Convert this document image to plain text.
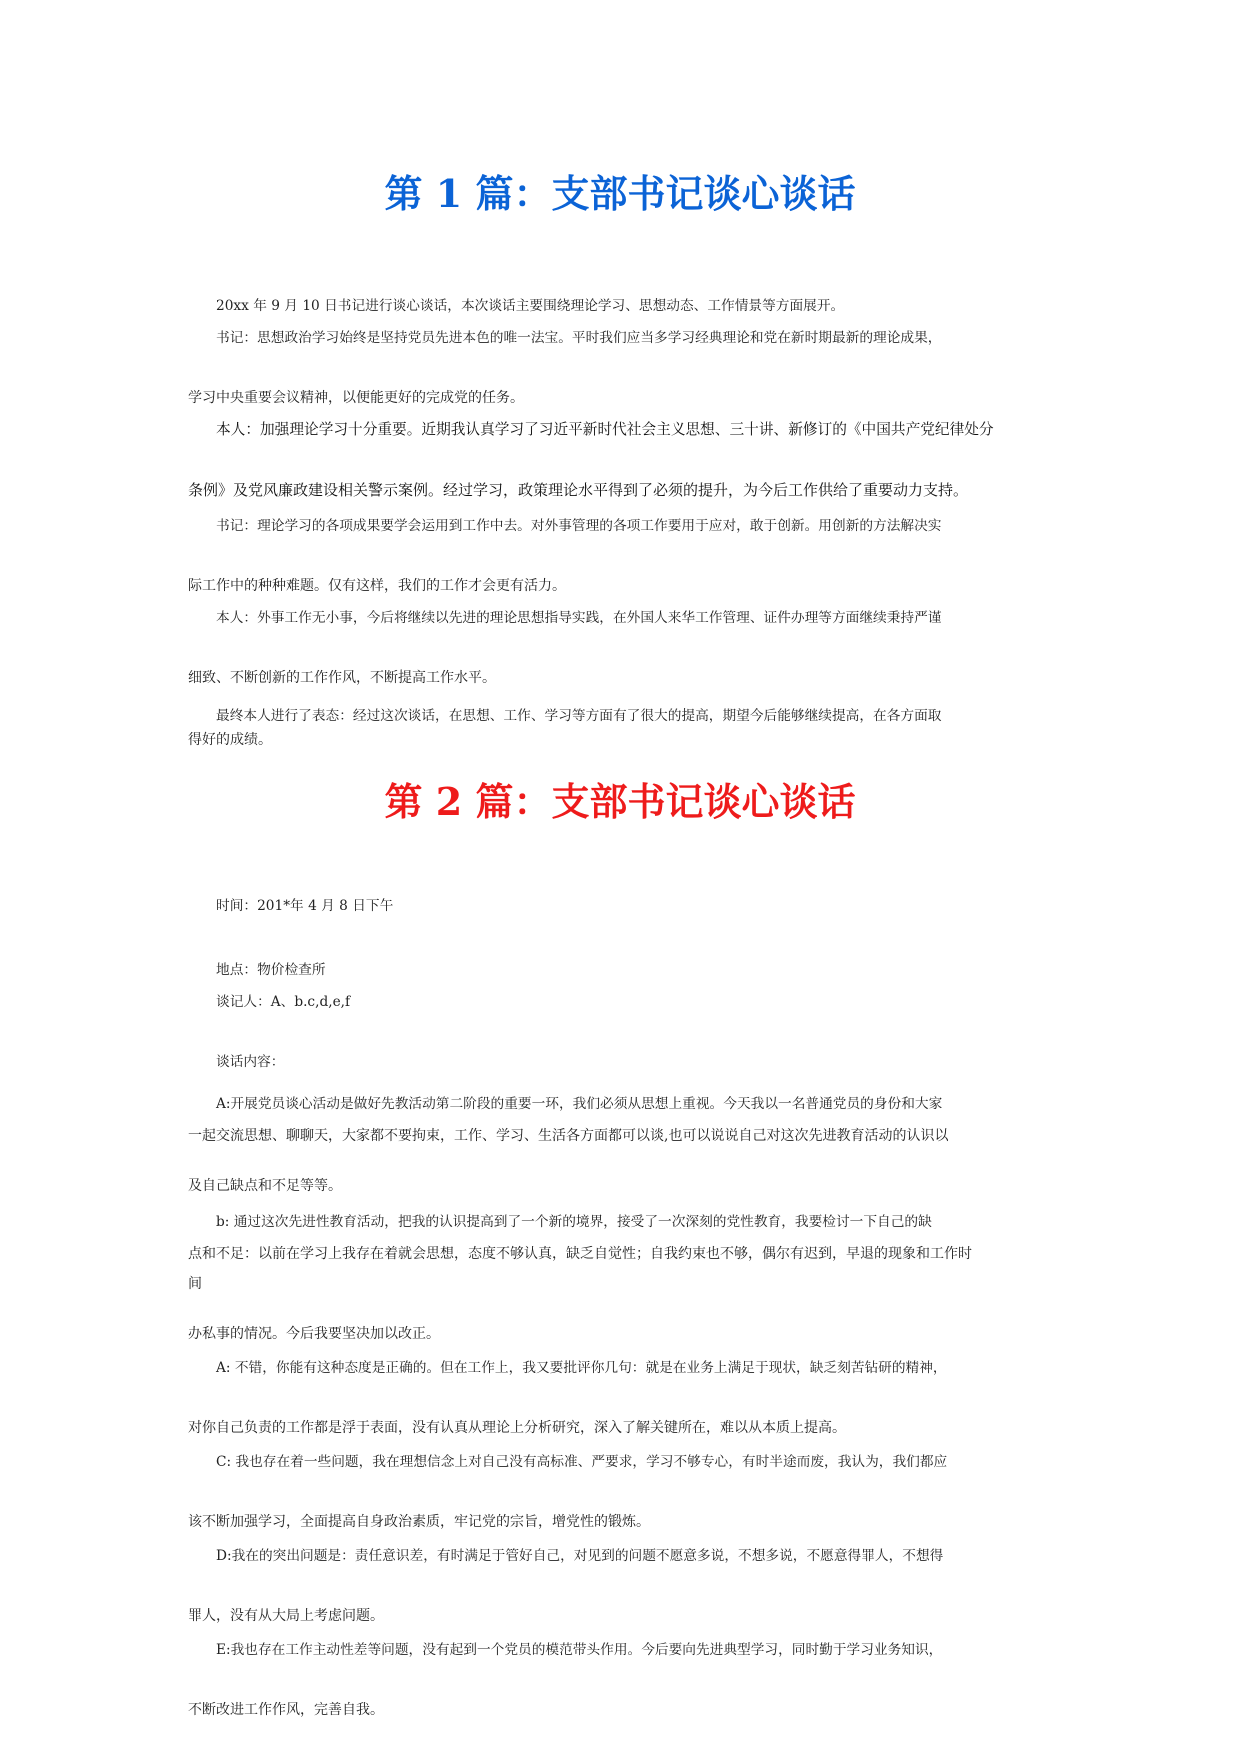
第 1 篇：支部书记谈心谈话

20xx 年 9 月 10 日书记进行谈心谈话，本次谈话主要围绕理论学习、思想动态、工作情景等方面展开。

书记：思想政治学习始终是坚持党员先进本色的唯一法宝。平时我们应当多学习经典理论和党在新时期最新的理论成果，

学习中央重要会议精神，以便能更好的完成党的任务。

本人：加强理论学习十分重要。近期我认真学习了习近平新时代社会主义思想、三十讲、新修订的《中国共产党纪律处分

条例》及党风廉政建设相关警示案例。经过学习，政策理论水平得到了必须的提升，为今后工作供给了重要动力支持。

书记：理论学习的各项成果要学会运用到工作中去。对外事管理的各项工作要用于应对，敢于创新。用创新的方法解决实

际工作中的种种难题。仅有这样，我们的工作才会更有活力。

本人：外事工作无小事，今后将继续以先进的理论思想指导实践，在外国人来华工作管理、证件办理等方面继续秉持严谨

细致、不断创新的工作作风，不断提高工作水平。

最终本人进行了表态：经过这次谈话，在思想、工作、学习等方面有了很大的提高，期望今后能够继续提高，在各方面取

得好的成绩。

第 2 篇：支部书记谈心谈话

时间：201*年 4 月 8 日下午

地点：物价检查所

谈记人：A、b.c,d,e,f

谈话内容：

A:开展党员谈心活动是做好先教活动第二阶段的重要一环，我们必须从思想上重视。今天我以一名普通党员的身份和大家

一起交流思想、聊聊天，大家都不要拘束，工作、学习、生活各方面都可以谈,也可以说说自己对这次先进教育活动的认识以

及自己缺点和不足等等。

b: 通过这次先进性教育活动，把我的认识提高到了一个新的境界，接受了一次深刻的党性教育，我要检讨一下自己的缺

点和不足：以前在学习上我存在着就会思想，态度不够认真，缺乏自觉性；自我约束也不够，偶尔有迟到，早退的现象和工作时

间

办私事的情况。今后我要坚决加以改正。

A: 不错，你能有这种态度是正确的。但在工作上，我又要批评你几句：就是在业务上满足于现状，缺乏刻苦钻研的精神，

对你自己负责的工作都是浮于表面，没有认真从理论上分析研究，深入了解关键所在，难以从本质上提高。

C: 我也存在着一些问题，我在理想信念上对自己没有高标准、严要求，学习不够专心，有时半途而废，我认为，我们都应

该不断加强学习，全面提高自身政治素质，牢记党的宗旨，增党性的锻炼。

D:我在的突出问题是：责任意识差，有时满足于管好自己，对见到的问题不愿意多说，不想多说，不愿意得罪人，不想得

罪人，没有从大局上考虑问题。

E:我也存在工作主动性差等问题，没有起到一个党员的模范带头作用。今后要向先进典型学习，同时勤于学习业务知识，

不断改进工作作风，完善自我。
